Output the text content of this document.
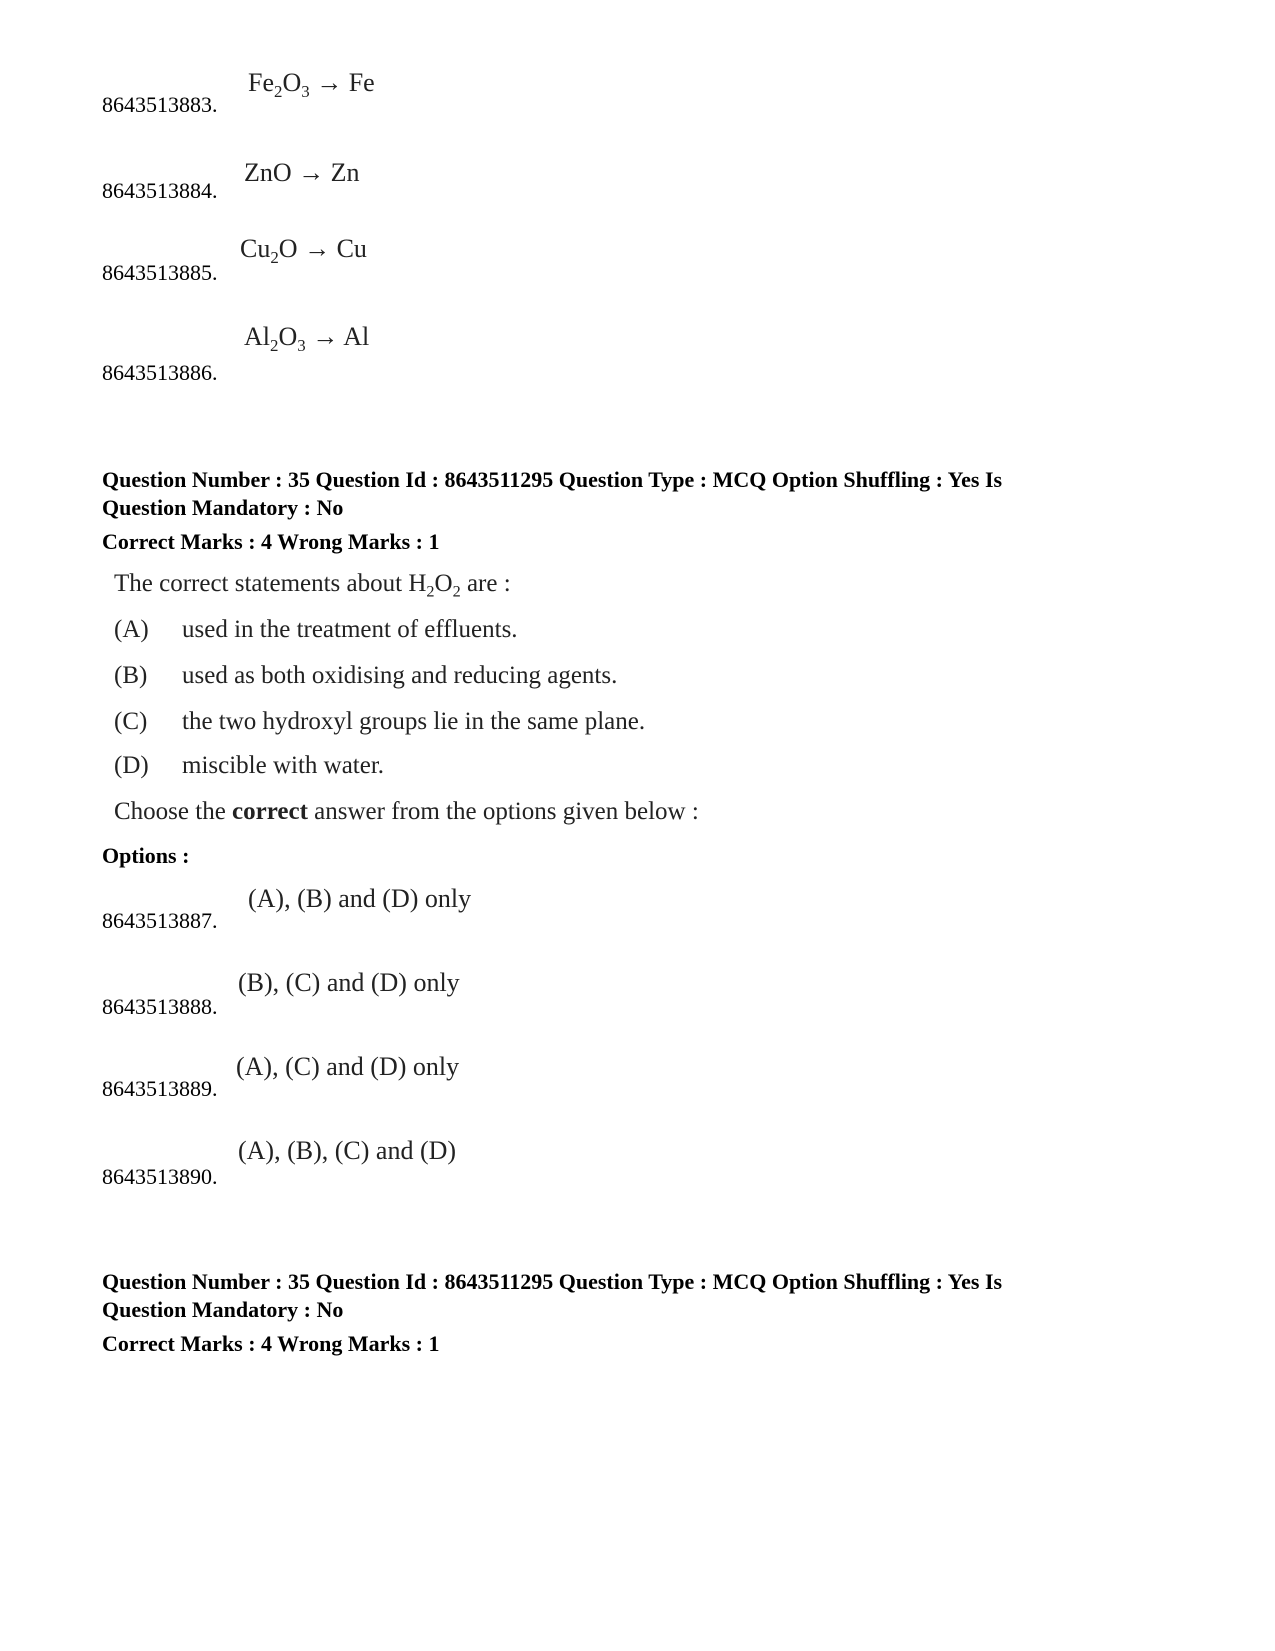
8643513883.
$Fe_2O_3 \to Fe$
8643513884.
ZnO → Zn
8643513885.
$Cu_2O \to Cu$
8643513886.
$Al_2O_3 \to Al$
Question Number : 35 Question Id : 8643511295 Question Type : MCQ Option Shuffling : Yes Is
Question Mandatory : No
Correct Marks : 4 Wrong Marks : 1
The correct statements about $H_2O_2$ are :
(A) used in the treatment of effluents.
(B) used as both oxidising and reducing agents.
(C) the two hydroxyl groups lie in the same plane.
(D) miscible with water.
Choose the correct answer from the options given below :
Options :
8643513887.
(A), (B) and (D) only
8643513888.
(B), (C) and (D) only
8643513889.
(A), (C) and (D) only
8643513890.
(A), (B), (C) and (D)
Question Number : 35 Question Id : 8643511295 Question Type : MCQ Option Shuffling : Yes Is
Question Mandatory : No
Correct Marks : 4 Wrong Marks : 1
